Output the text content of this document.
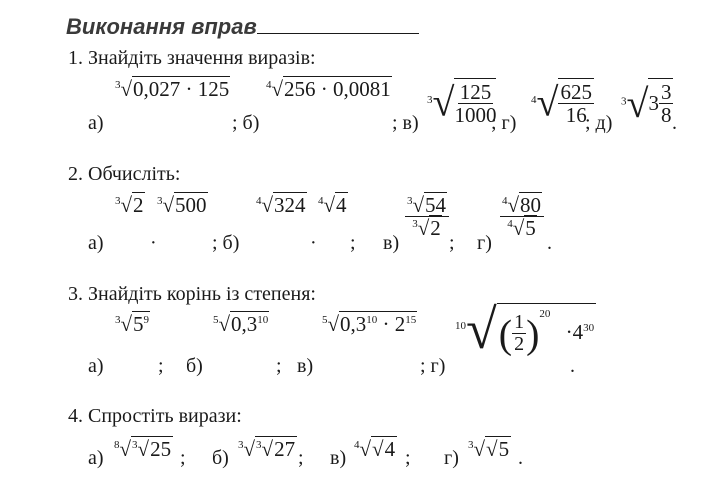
Виконання вправ
1. Знайдіть значення виразів:
$^3$√0,027 · 125	$^4$√256 · 0,0081
а)	; б)	; в)
$^3√ \frac{125}{1000}$
; г)
$^4√ \frac{625}{16}$
; д)
$^3√3 \frac{3}{8}$
.
2. Обчисліть:
$^3$√2 $^3$√500	$^4$√324 $^4$√4
а) ·	; б)	· ; в)
$\frac{^3√54}{^3√2}$
; г)
$\frac{^4√80}{^4√5}$
.
3. Знайдіть корінь із степеня:
$^3√5^9$	$^5√0,3^{10}$	$^5√0,3^{10} \cdot 2^{15}$
а)	; б)	; в)	; г)
$^{10}√( \frac{1}{2} )^{20} \cdot 4^{30}$
.
4. Спростіть вирази:
а)
$^8$√$^3$√25 ; б)
$^3$√$^3$√27 ; в)
$^4$√√4 ; г)
$^3$√√5 .
